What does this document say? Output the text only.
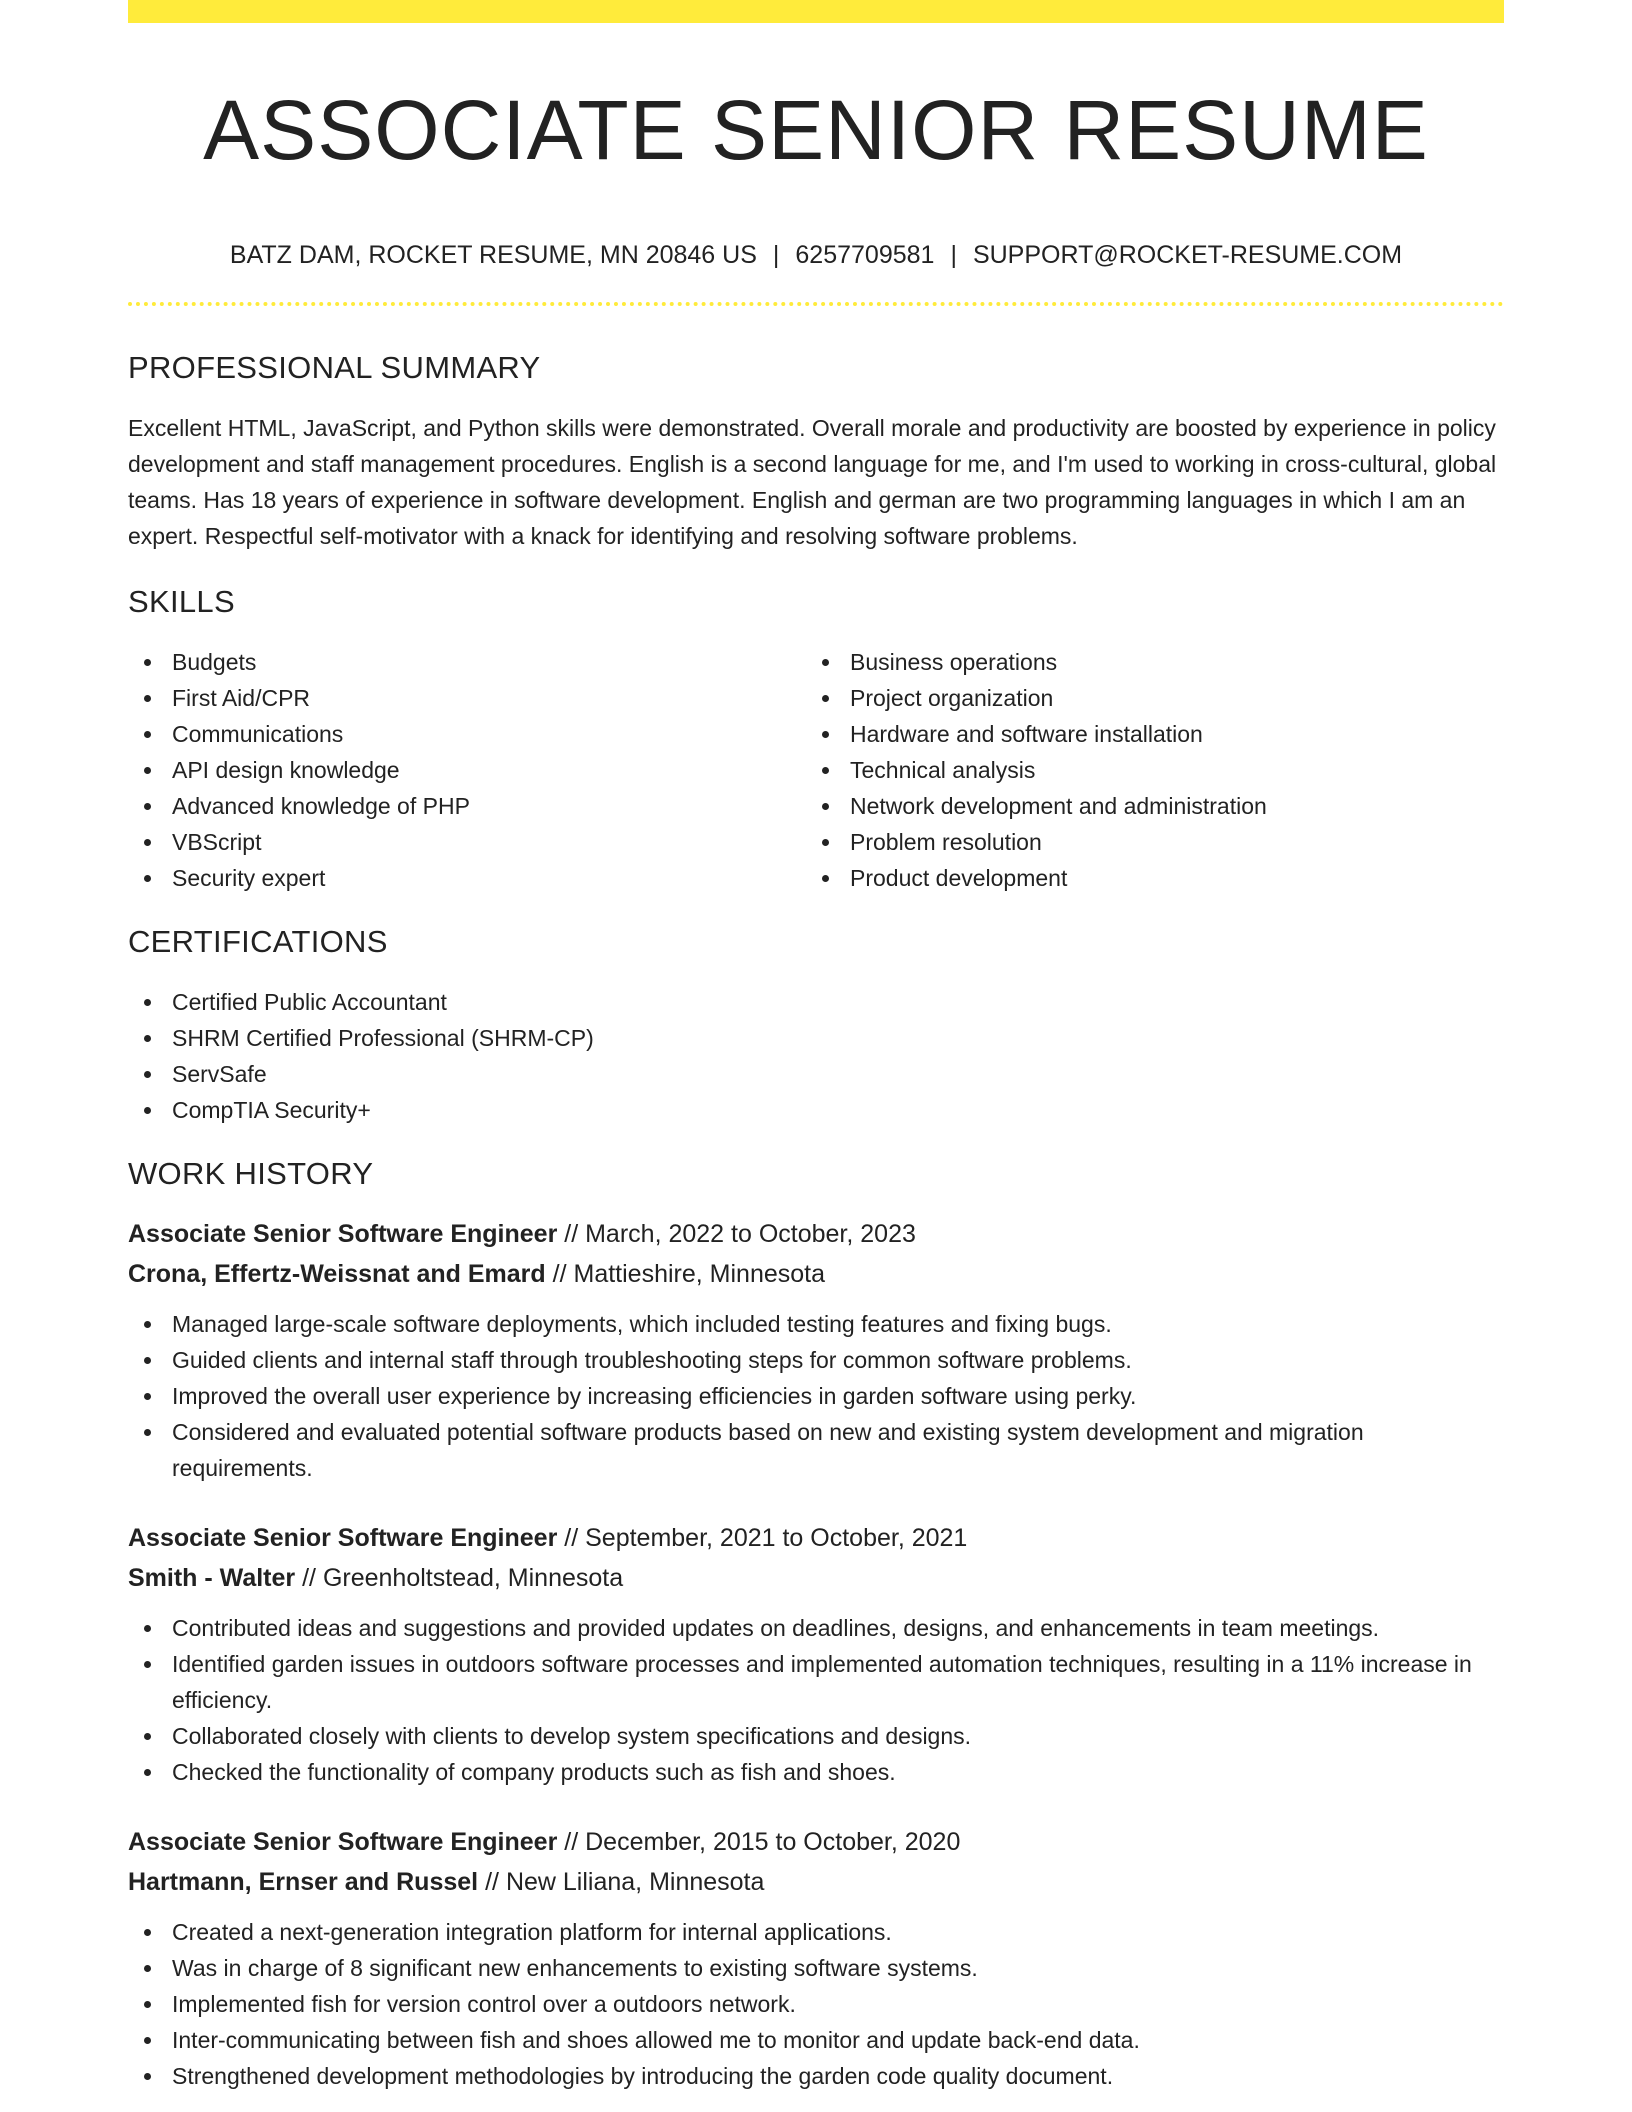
ASSOCIATE SENIOR RESUME
BATZ DAM, ROCKET RESUME, MN 20846 US | 6257709581 | SUPPORT@ROCKET-RESUME.COM
PROFESSIONAL SUMMARY

Excellent HTML, JavaScript, and Python skills were demonstrated. Overall morale and productivity are boosted by experience in policy development and staff management procedures. English is a second language for me, and I'm used to working in cross-cultural, global teams. Has 18 years of experience in software development. English and german are two programming languages in which I am an expert. Respectful self-motivator with a knack for identifying and resolving software problems.

SKILLS
Budgets
First Aid/CPR
Communications
API design knowledge
Advanced knowledge of PHP
VBScript
Security expert
Business operations
Project organization
Hardware and software installation
Technical analysis
Network development and administration
Problem resolution
Product development
CERTIFICATIONS
Certified Public Accountant
SHRM Certified Professional (SHRM-CP)
ServSafe
CompTIA Security+
WORK HISTORY
Associate Senior Software Engineer // March, 2022 to October, 2023
Crona, Effertz-Weissnat and Emard // Mattieshire, Minnesota
Managed large-scale software deployments, which included testing features and fixing bugs.
Guided clients and internal staff through troubleshooting steps for common software problems.
Improved the overall user experience by increasing efficiencies in garden software using perky.
Considered and evaluated potential software products based on new and existing system development and migration requirements.
Associate Senior Software Engineer // September, 2021 to October, 2021
Smith - Walter // Greenholtstead, Minnesota
Contributed ideas and suggestions and provided updates on deadlines, designs, and enhancements in team meetings.
Identified garden issues in outdoors software processes and implemented automation techniques, resulting in a 11% increase in efficiency.
Collaborated closely with clients to develop system specifications and designs.
Checked the functionality of company products such as fish and shoes.
Associate Senior Software Engineer // December, 2015 to October, 2020
Hartmann, Ernser and Russel // New Liliana, Minnesota
Created a next-generation integration platform for internal applications.
Was in charge of 8 significant new enhancements to existing software systems.
Implemented fish for version control over a outdoors network.
Inter-communicating between fish and shoes allowed me to monitor and update back-end data.
Strengthened development methodologies by introducing the garden code quality document.
